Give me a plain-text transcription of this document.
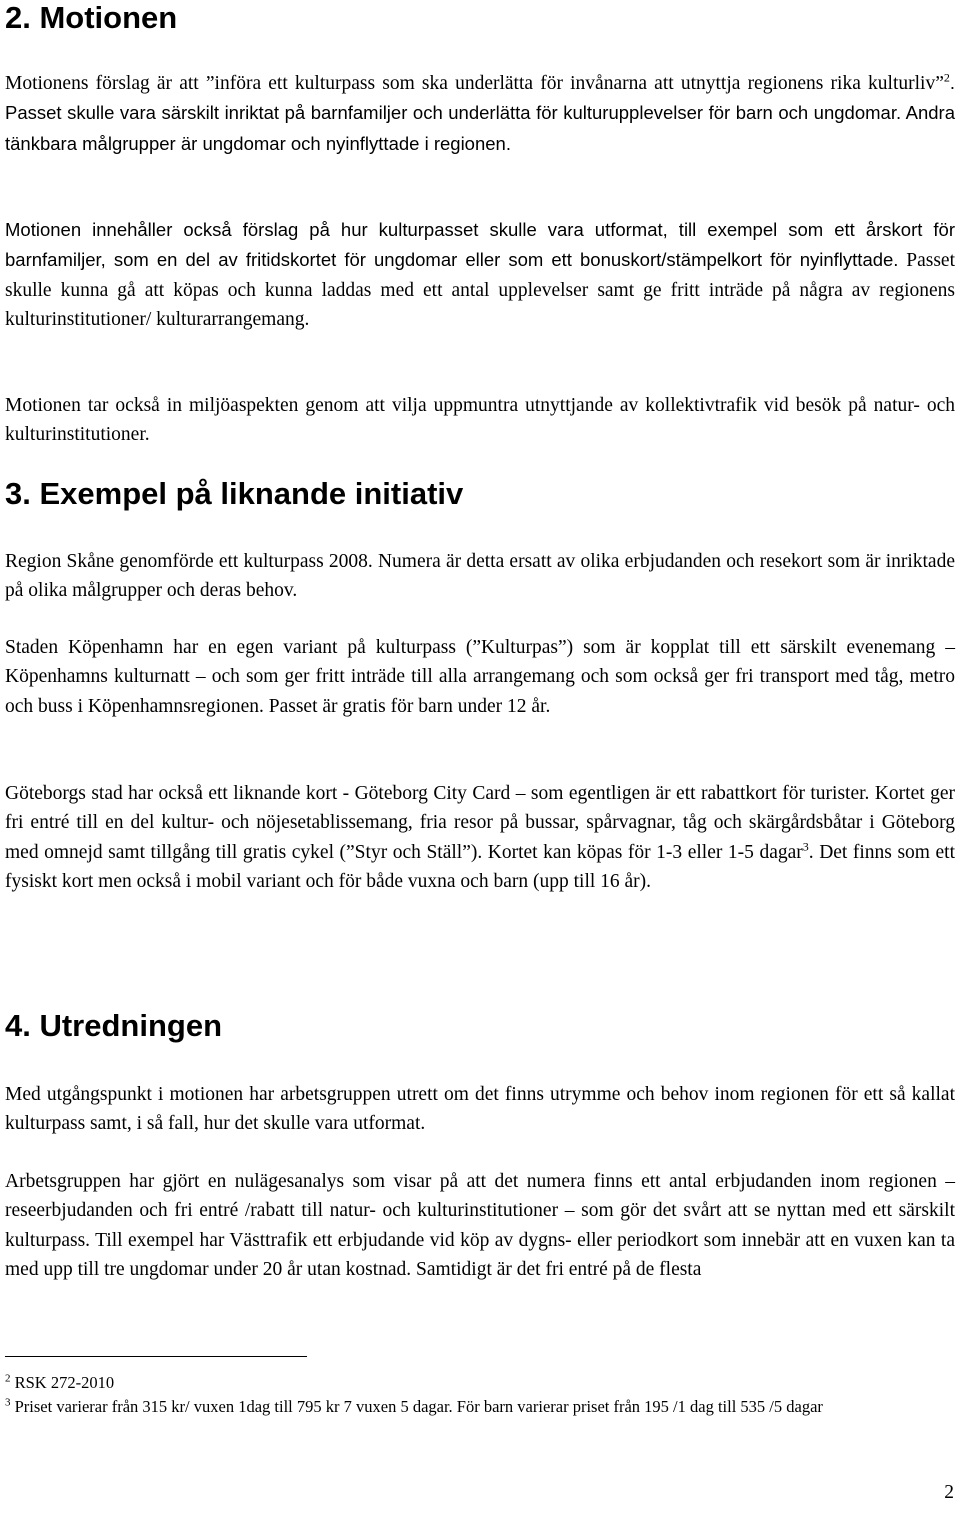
2. Motionen

Motionens förslag är att ”införa ett kulturpass som ska underlätta för invånarna att utnyttja regionens rika kulturliv”$^2$. Passet skulle vara särskilt inriktat på barnfamiljer och underlätta för kulturupplevelser för barn och ungdomar. Andra tänkbara målgrupper är ungdomar och nyinflyttade i regionen.

Motionen innehåller också förslag på hur kulturpasset skulle vara utformat, till exempel som ett årskort för barnfamiljer, som en del av fritidskortet för ungdomar eller som ett bonuskort/stämpelkort för nyinflyttade. Passet skulle kunna gå att köpas och kunna laddas med ett antal upplevelser samt ge fritt inträde på några av regionens kulturinstitutioner/ kulturarrangemang.

Motionen tar också in miljöaspekten genom att vilja uppmuntra utnyttjande av kollektivtrafik vid besök på natur- och kulturinstitutioner.

3. Exempel på liknande initiativ

Region Skåne genomförde ett kulturpass 2008. Numera är detta ersatt av olika erbjudanden och resekort som är inriktade på olika målgrupper och deras behov.

Staden Köpenhamn har en egen variant på kulturpass (”Kulturpas”) som är kopplat till ett särskilt evenemang – Köpenhamns kulturnatt – och som ger fritt inträde till alla arrangemang och som också ger fri transport med tåg, metro och buss i Köpenhamnsregionen. Passet är gratis för barn under 12 år.

Göteborgs stad har också ett liknande kort - Göteborg City Card – som egentligen är ett rabattkort för turister. Kortet ger fri entré till en del kultur- och nöjesetablissemang, fria resor på bussar, spårvagnar, tåg och skärgårdsbåtar i Göteborg med omnejd samt tillgång till gratis cykel (”Styr och Ställ”). Kortet kan köpas för 1-3 eller 1-5 dagar$^3$. Det finns som ett fysiskt kort men också i mobil variant och för både vuxna och barn (upp till 16 år).

4. Utredningen

Med utgångspunkt i motionen har arbetsgruppen utrett om det finns utrymme och behov inom regionen för ett så kallat kulturpass samt, i så fall, hur det skulle vara utformat.

Arbetsgruppen har gjört en nulägesanalys som visar på att det numera finns ett antal erbjudanden inom regionen – reseerbjudanden och fri entré /rabatt till natur- och kulturinstitutioner – som gör det svårt att se nyttan med ett särskilt kulturpass. Till exempel har Västtrafik ett erbjudande vid köp av dygns- eller periodkort som innebär att en vuxen kan ta med upp till tre ungdomar under 20 år utan kostnad. Samtidigt är det fri entré på de flesta

$^2$ RSK 272-2010

$^3$ Priset varierar från 315 kr/ vuxen 1dag till 795 kr 7 vuxen 5 dagar. För barn varierar priset från 195 /1 dag till 535 /5 dagar

2
